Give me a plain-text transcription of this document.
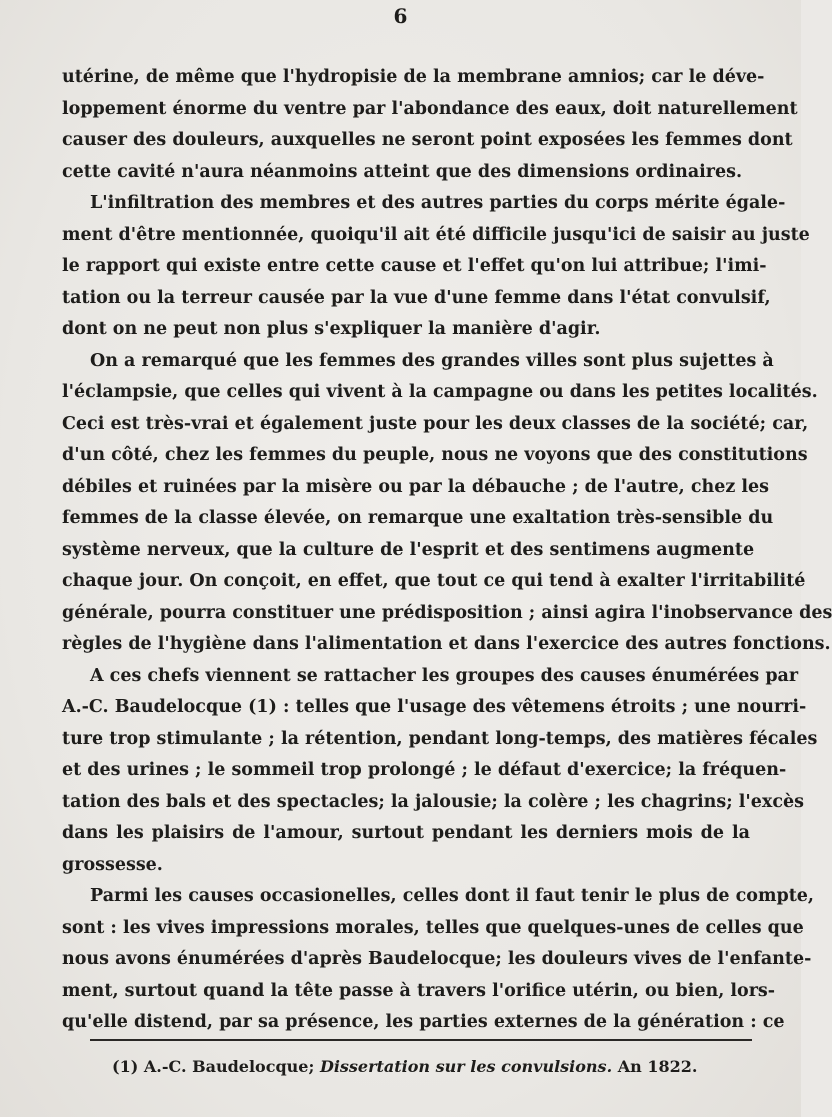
6
utérine, de même que l'hydropisie de la membrane amnios; car le déve-
loppement énorme du ventre par l'abondance des eaux, doit naturellement
causer des douleurs, auxquelles ne seront point exposées les femmes dont
cette cavité n'aura néanmoins atteint que des dimensions ordinaires.
L'infiltration des membres et des autres parties du corps mérite égale-
ment d'être mentionnée, quoiqu'il ait été difficile jusqu'ici de saisir au juste
le rapport qui existe entre cette cause et l'effet qu'on lui attribue; l'imi-
tation ou la terreur causée par la vue d'une femme dans l'état convulsif,
dont on ne peut non plus s'expliquer la manière d'agir.
On a remarqué que les femmes des grandes villes sont plus sujettes à
l'éclampsie, que celles qui vivent à la campagne ou dans les petites localités.
Ceci est très-vrai et également juste pour les deux classes de la société; car,
d'un côté, chez les femmes du peuple, nous ne voyons que des constitutions
débiles et ruinées par la misère ou par la débauche ; de l'autre, chez les
femmes de la classe élevée, on remarque une exaltation très-sensible du
système nerveux, que la culture de l'esprit et des sentimens augmente
chaque jour. On conçoit, en effet, que tout ce qui tend à exalter l'irritabilité
générale, pourra constituer une prédisposition ; ainsi agira l'inobservance des
règles de l'hygiène dans l'alimentation et dans l'exercice des autres fonctions.
A ces chefs viennent se rattacher les groupes des causes énumérées par
A.-C. Baudelocque (1) : telles que l'usage des vêtemens étroits ; une nourri-
ture trop stimulante ; la rétention, pendant long-temps, des matières fécales
et des urines ; le sommeil trop prolongé ; le défaut d'exercice; la fréquen-
tation des bals et des spectacles; la jalousie; la colère ; les chagrins; l'excès
dans les plaisirs de l'amour, surtout pendant les derniers mois de la
grossesse.
Parmi les causes occasionelles, celles dont il faut tenir le plus de compte,
sont : les vives impressions morales, telles que quelques-unes de celles que
nous avons énumérées d'après Baudelocque; les douleurs vives de l'enfante-
ment, surtout quand la tête passe à travers l'orifice utérin, ou bien, lors-
qu'elle distend, par sa présence, les parties externes de la génération : ce
(1) A.-C. Baudelocque; Dissertation sur les convulsions. An 1822.
